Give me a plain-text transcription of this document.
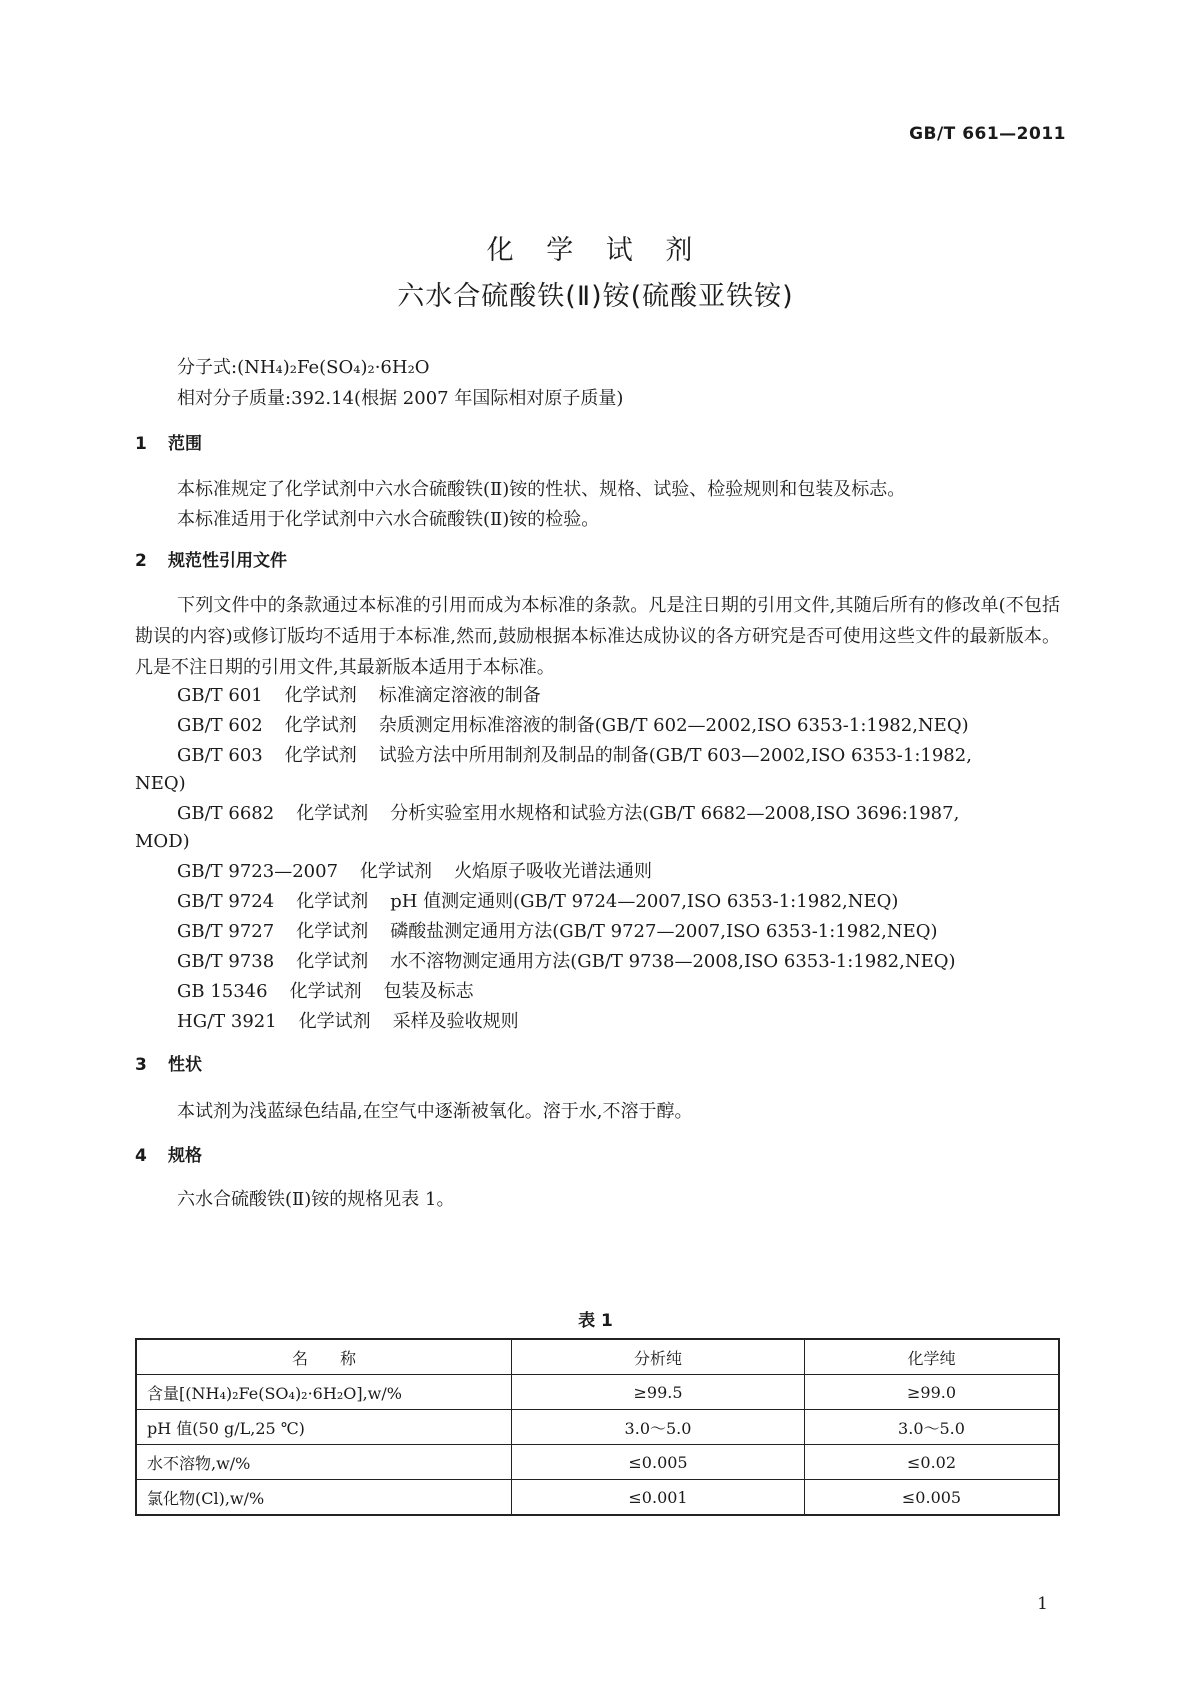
GB/T 661—2011
化 学 试 剂
六水合硫酸铁(Ⅱ)铵(硫酸亚铁铵)
分子式:(NH₄)₂Fe(SO₄)₂·6H₂O
相对分子质量:392.14(根据 2007 年国际相对原子质量)
1 范围
本标准规定了化学试剂中六水合硫酸铁(Ⅱ)铵的性状、规格、试验、检验规则和包装及标志。
本标准适用于化学试剂中六水合硫酸铁(Ⅱ)铵的检验。
2 规范性引用文件
下列文件中的条款通过本标准的引用而成为本标准的条款。凡是注日期的引用文件,其随后所有的修改单(不包括勘误的内容)或修订版均不适用于本标准,然而,鼓励根据本标准达成协议的各方研究是否可使用这些文件的最新版本。凡是不注日期的引用文件,其最新版本适用于本标准。
GB/T 601 化学试剂 标准滴定溶液的制备
GB/T 602 化学试剂 杂质测定用标准溶液的制备(GB/T 602—2002,ISO 6353-1:1982,NEQ)
GB/T 603 化学试剂 试验方法中所用制剂及制品的制备(GB/T 603—2002,ISO 6353-1:1982,
NEQ)
GB/T 6682 化学试剂 分析实验室用水规格和试验方法(GB/T 6682—2008,ISO 3696:1987,
MOD)
GB/T 9723—2007 化学试剂 火焰原子吸收光谱法通则
GB/T 9724 化学试剂 pH 值测定通则(GB/T 9724—2007,ISO 6353-1:1982,NEQ)
GB/T 9727 化学试剂 磷酸盐测定通用方法(GB/T 9727—2007,ISO 6353-1:1982,NEQ)
GB/T 9738 化学试剂 水不溶物测定通用方法(GB/T 9738—2008,ISO 6353-1:1982,NEQ)
GB 15346 化学试剂 包装及标志
HG/T 3921 化学试剂 采样及验收规则
3 性状
本试剂为浅蓝绿色结晶,在空气中逐渐被氧化。溶于水,不溶于醇。
4 规格
六水合硫酸铁(Ⅱ)铵的规格见表 1。
表 1
名　　称	分析纯	化学纯
含量[(NH₄)₂Fe(SO₄)₂·6H₂O],w/%	≥99.5	≥99.0
pH 值(50 g/L,25 ℃)	3.0～5.0	3.0～5.0
水不溶物,w/%	≤0.005	≤0.02
氯化物(Cl),w/%	≤0.001	≤0.005
1
